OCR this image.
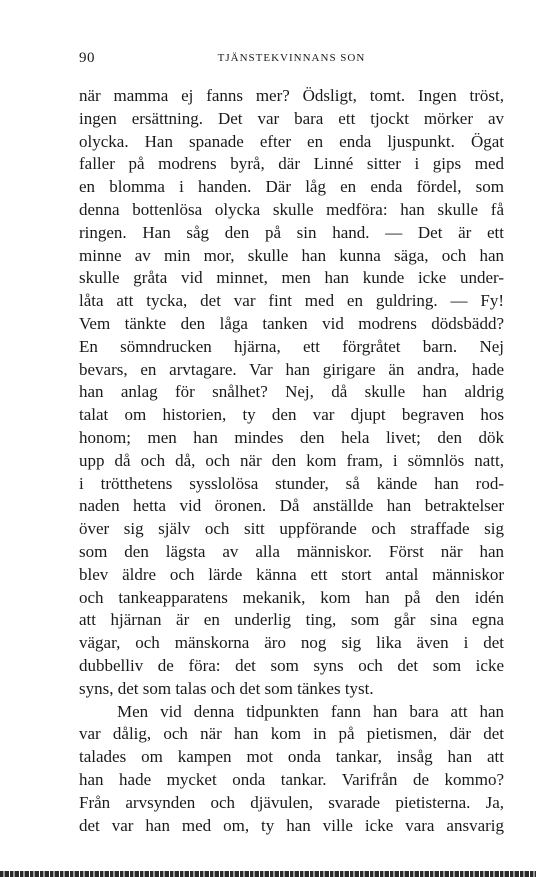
90	TJÄNSTEKVINNANS SON
när mamma ej fanns mer? Ödsligt, tomt. Ingen tröst,
ingen ersättning. Det var bara ett tjockt mörker av
olycka. Han spanade efter en enda ljuspunkt. Ögat
faller på modrens byrå, där Linné sitter i gips med
en blomma i handen. Där låg en enda fördel, som
denna bottenlösa olycka skulle medföra: han skulle få
ringen. Han såg den på sin hand. — Det är ett
minne av min mor, skulle han kunna säga, och han
skulle gråta vid minnet, men han kunde icke under-
låta att tycka, det var fint med en guldring. — Fy!
Vem tänkte den låga tanken vid modrens dödsbädd?
En sömndrucken hjärna, ett förgråtet barn. Nej
bevars, en arvtagare. Var han girigare än andra, hade
han anlag för snålhet? Nej, då skulle han aldrig
talat om historien, ty den var djupt begraven hos
honom; men han mindes den hela livet; den dök
upp då och då, och när den kom fram, i sömnlös natt,
i trötthetens sysslolösa stunder, så kände han rod-
naden hetta vid öronen. Då anställde han betraktelser
över sig själv och sitt uppförande och straffade sig
som den lägsta av alla människor. Först när han
blev äldre och lärde känna ett stort antal människor
och tankeapparatens mekanik, kom han på den idén
att hjärnan är en underlig ting, som går sina egna
vägar, och mänskorna äro nog sig lika även i det
dubbelliv de föra: det som syns och det som icke
syns, det som talas och det som tänkes tyst.
Men vid denna tidpunkten fann han bara att han
var dålig, och när han kom in på pietismen, där det
talades om kampen mot onda tankar, insåg han att
han hade mycket onda tankar. Varifrån de kommo?
Från arvsynden och djävulen, svarade pietisterna. Ja,
det var han med om, ty han ville icke vara ansvarig
